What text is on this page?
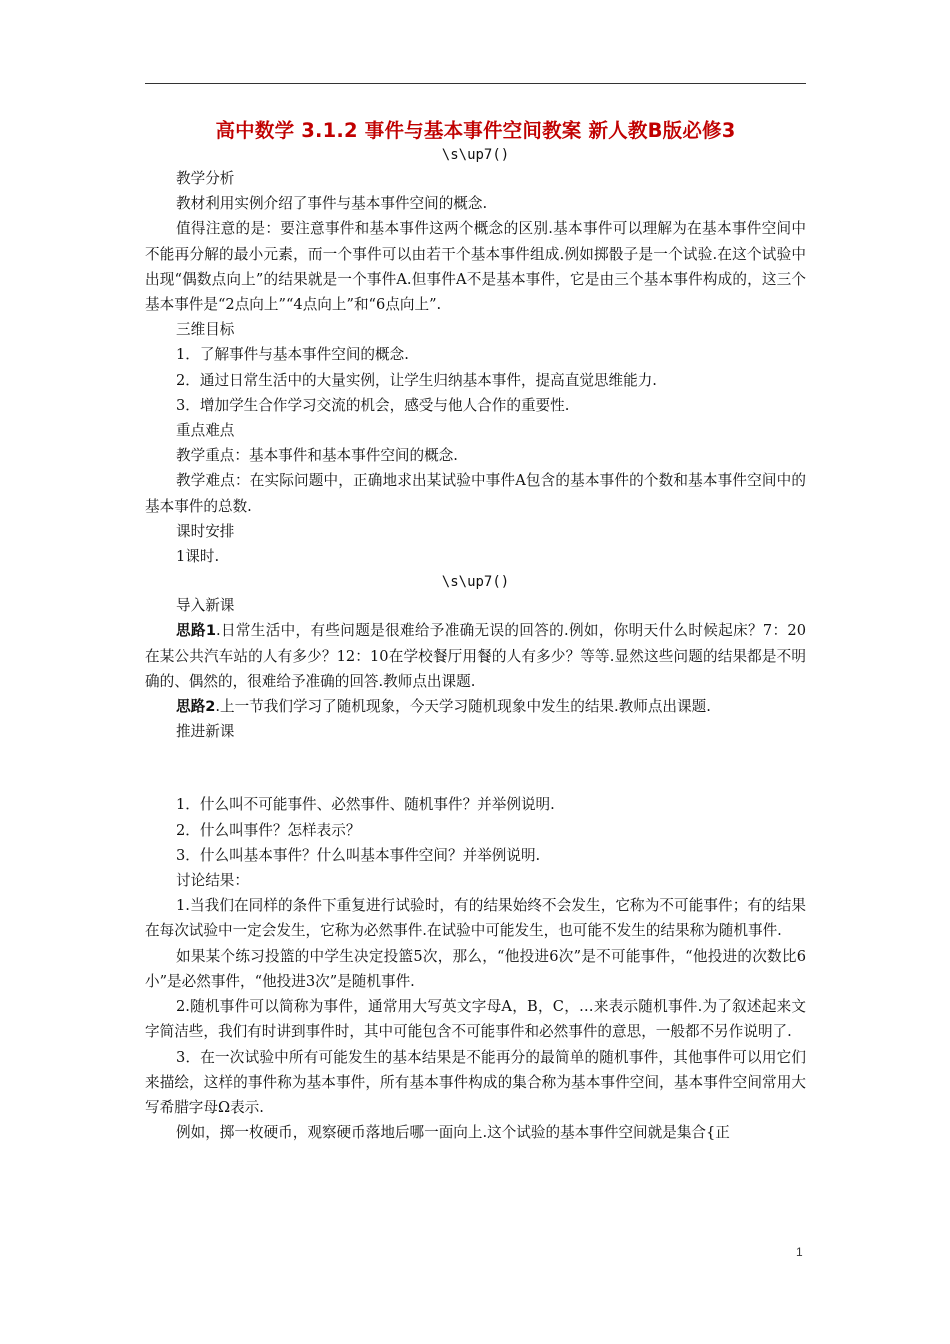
高中数学 3.1.2 事件与基本事件空间教案 新人教B版必修3

\s\up7()

教学分析

教材利用实例介绍了事件与基本事件空间的概念.

值得注意的是：要注意事件和基本事件这两个概念的区别.基本事件可以理解为在基本事件空间中不能再分解的最小元素，而一个事件可以由若干个基本事件组成.例如掷骰子是一个试验.在这个试验中出现“偶数点向上”的结果就是一个事件A.但事件A不是基本事件，它是由三个基本事件构成的，这三个基本事件是“2点向上”“4点向上”和“6点向上”.

三维目标

1．了解事件与基本事件空间的概念.

2．通过日常生活中的大量实例，让学生归纳基本事件，提高直觉思维能力.

3．增加学生合作学习交流的机会，感受与他人合作的重要性.

重点难点

教学重点：基本事件和基本事件空间的概念.

教学难点：在实际问题中，正确地求出某试验中事件A包含的基本事件的个数和基本事件空间中的基本事件的总数.

课时安排

1课时.

\s\up7()

导入新课

思路1.日常生活中，有些问题是很难给予准确无误的回答的.例如，你明天什么时候起床？7：20在某公共汽车站的人有多少？12：10在学校餐厅用餐的人有多少？等等.显然这些问题的结果都是不明确的、偶然的，很难给予准确的回答.教师点出课题.

思路2.上一节我们学习了随机现象，今天学习随机现象中发生的结果.教师点出课题.

推进新课

1．什么叫不可能事件、必然事件、随机事件？并举例说明.

2．什么叫事件？怎样表示？

3．什么叫基本事件？什么叫基本事件空间？并举例说明.

讨论结果：

1.当我们在同样的条件下重复进行试验时，有的结果始终不会发生，它称为不可能事件；有的结果在每次试验中一定会发生，它称为必然事件.在试验中可能发生，也可能不发生的结果称为随机事件.

如果某个练习投篮的中学生决定投篮5次，那么，“他投进6次”是不可能事件，“他投进的次数比6小”是必然事件，“他投进3次”是随机事件.

2.随机事件可以简称为事件，通常用大写英文字母A，B，C，…来表示随机事件.为了叙述起来文字简洁些，我们有时讲到事件时，其中可能包含不可能事件和必然事件的意思，一般都不另作说明了.

3．在一次试验中所有可能发生的基本结果是不能再分的最简单的随机事件，其他事件可以用它们来描绘，这样的事件称为基本事件，所有基本事件构成的集合称为基本事件空间，基本事件空间常用大写希腊字母Ω表示.

例如，掷一枚硬币，观察硬币落地后哪一面向上.这个试验的基本事件空间就是集合{正

1
